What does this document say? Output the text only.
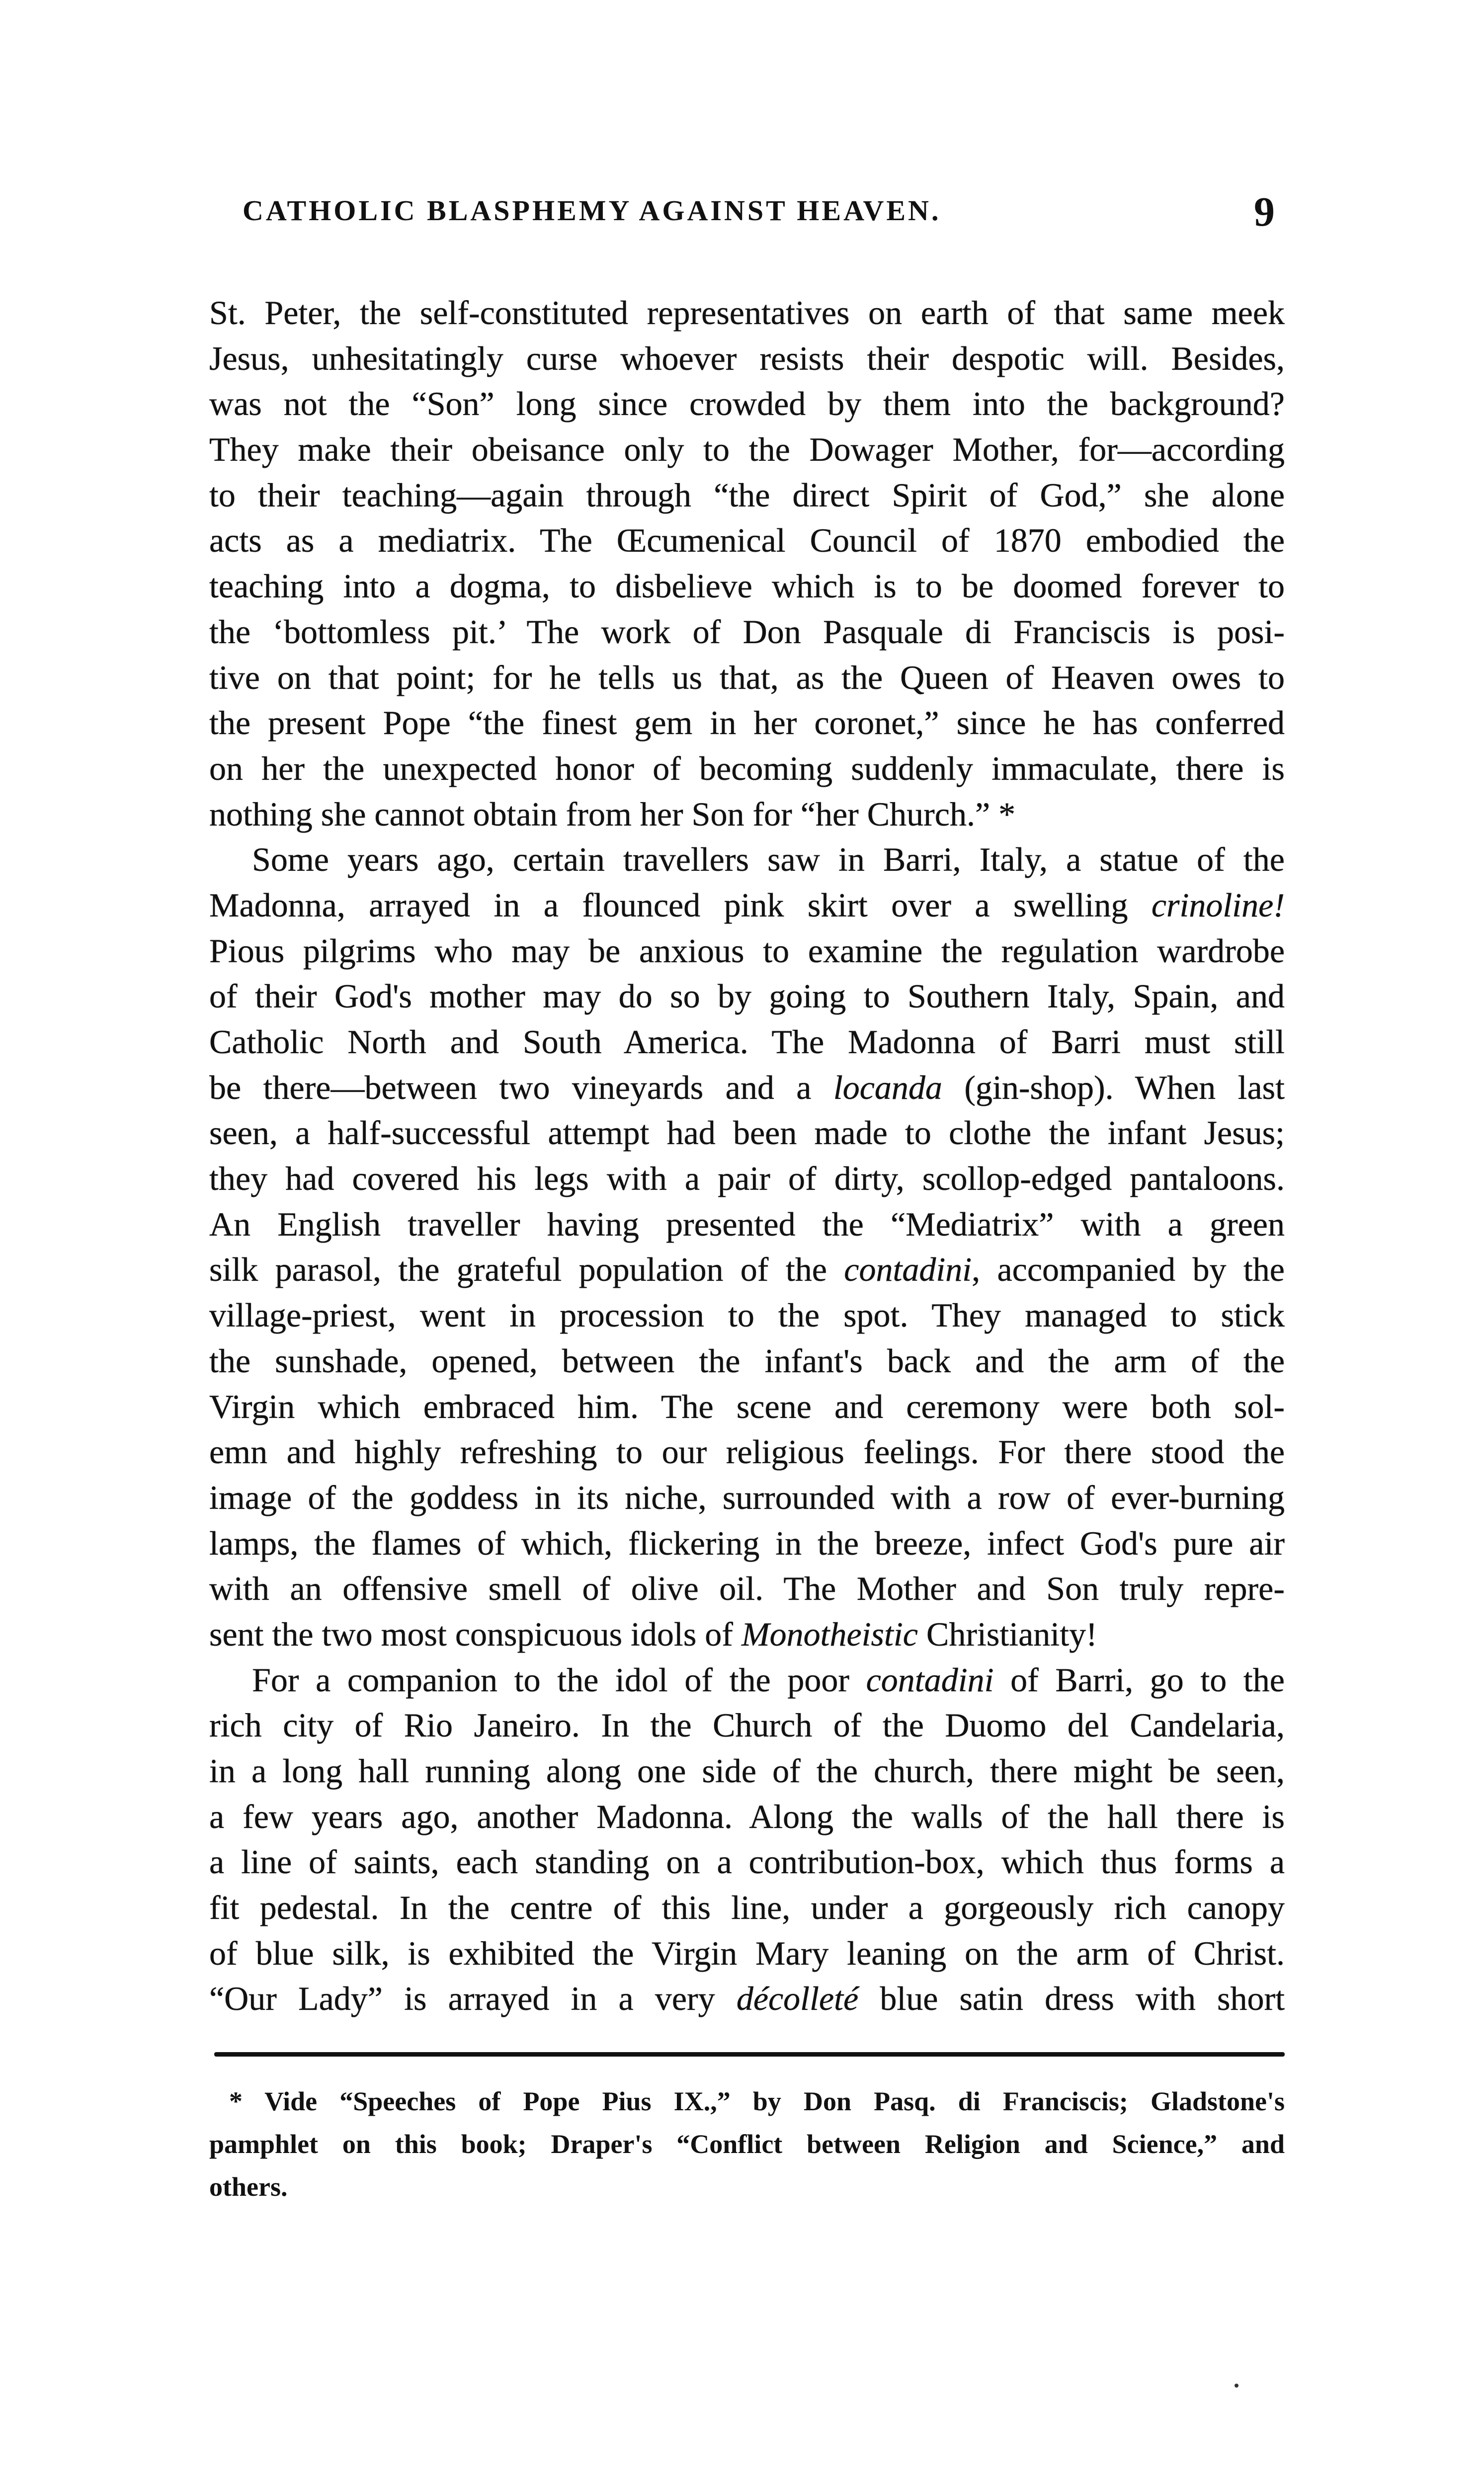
CATHOLIC BLASPHEMY AGAINST HEAVEN.	9
St. Peter, the self-constituted representatives on earth of that same meek
Jesus, unhesitatingly curse whoever resists their despotic will. Besides,
was not the “Son” long since crowded by them into the background?
They make their obeisance only to the Dowager Mother, for—according
to their teaching—again through “the direct Spirit of God,” she alone
acts as a mediatrix. The Œcumenical Council of 1870 embodied the
teaching into a dogma, to disbelieve which is to be doomed forever to
the ‘bottomless pit.’ The work of Don Pasquale di Franciscis is posi-
tive on that point; for he tells us that, as the Queen of Heaven owes to
the present Pope “the finest gem in her coronet,” since he has conferred
on her the unexpected honor of becoming suddenly immaculate, there is
nothing she cannot obtain from her Son for “her Church.” *
Some years ago, certain travellers saw in Barri, Italy, a statue of the
Madonna, arrayed in a flounced pink skirt over a swelling crinoline!
Pious pilgrims who may be anxious to examine the regulation wardrobe
of their God's mother may do so by going to Southern Italy, Spain, and
Catholic North and South America. The Madonna of Barri must still
be there—between two vineyards and a locanda (gin-shop). When last
seen, a half-successful attempt had been made to clothe the infant Jesus;
they had covered his legs with a pair of dirty, scollop-edged pantaloons.
An English traveller having presented the “Mediatrix” with a green
silk parasol, the grateful population of the contadini, accompanied by the
village-priest, went in procession to the spot. They managed to stick
the sunshade, opened, between the infant's back and the arm of the
Virgin which embraced him. The scene and ceremony were both sol-
emn and highly refreshing to our religious feelings. For there stood the
image of the goddess in its niche, surrounded with a row of ever-burning
lamps, the flames of which, flickering in the breeze, infect God's pure air
with an offensive smell of olive oil. The Mother and Son truly repre-
sent the two most conspicuous idols of Monotheistic Christianity!
For a companion to the idol of the poor contadini of Barri, go to the
rich city of Rio Janeiro. In the Church of the Duomo del Candelaria,
in a long hall running along one side of the church, there might be seen,
a few years ago, another Madonna. Along the walls of the hall there is
a line of saints, each standing on a contribution-box, which thus forms a
fit pedestal. In the centre of this line, under a gorgeously rich canopy
of blue silk, is exhibited the Virgin Mary leaning on the arm of Christ.
“Our Lady” is arrayed in a very décolleté blue satin dress with short
* Vide “Speeches of Pope Pius IX.,” by Don Pasq. di Franciscis; Gladstone's
pamphlet on this book; Draper's “Conflict between Religion and Science,” and
others.
